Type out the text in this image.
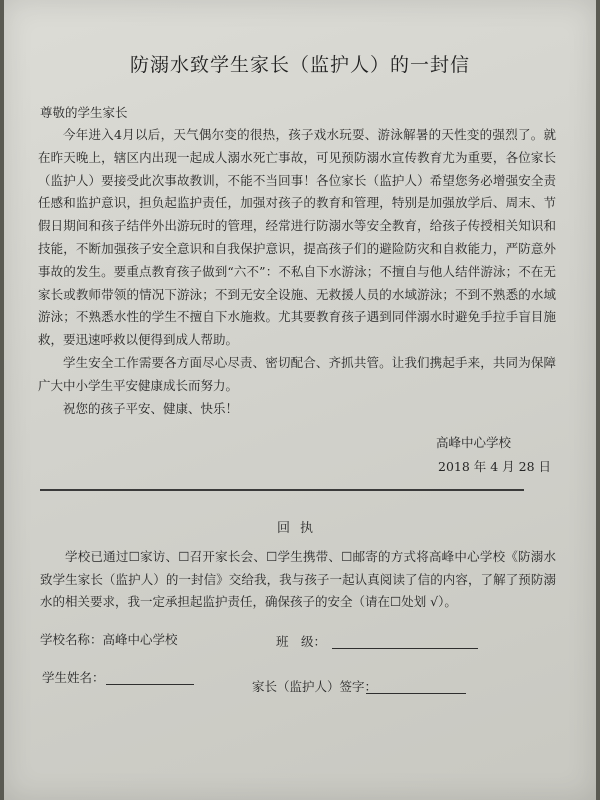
防溺水致学生家长（监护人）的一封信
尊敬的学生家长

今年进入4月以后，天气偶尔变的很热，孩子戏水玩耍、游泳解暑的天性变的强烈了。就在昨天晚上，辖区内出现一起成人溺水死亡事故，可见预防溺水宣传教育尤为重要，各位家长（监护人）要接受此次事故教训，不能不当回事！各位家长（监护人）希望您务必增强安全责任感和监护意识，担负起监护责任，加强对孩子的教育和管理，特别是加强放学后、周末、节假日期间和孩子结伴外出游玩时的管理，经常进行防溺水等安全教育，给孩子传授相关知识和技能，不断加强孩子安全意识和自我保护意识，提高孩子们的避险防灾和自救能力，严防意外事故的发生。要重点教育孩子做到“六不”：不私自下水游泳；不擅自与他人结伴游泳；不在无家长或教师带领的情况下游泳；不到无安全设施、无救援人员的水域游泳；不到不熟悉的水域游泳；不熟悉水性的学生不擅自下水施救。尤其要教育孩子遇到同伴溺水时避免手拉手盲目施救，要迅速呼救以便得到成人帮助。

学生安全工作需要各方面尽心尽责、密切配合、齐抓共管。让我们携起手来，共同为保障广大中小学生平安健康成长而努力。

祝您的孩子平安、健康、快乐！

高峰中心学校
2018 年 4 月 28 日
回执
学校已通过☐家访、☐召开家长会、☐学生携带、☐邮寄的方式将高峰中心学校《防溺水致学生家长（监护人）的一封信》交给我，我与孩子一起认真阅读了信的内容，了解了预防溺水的相关要求，我一定承担起监护责任，确保孩子的安全（请在☐处划 √）。
学校名称：高峰中心学校	班　级：
学生姓名：
家长（监护人）签字：
